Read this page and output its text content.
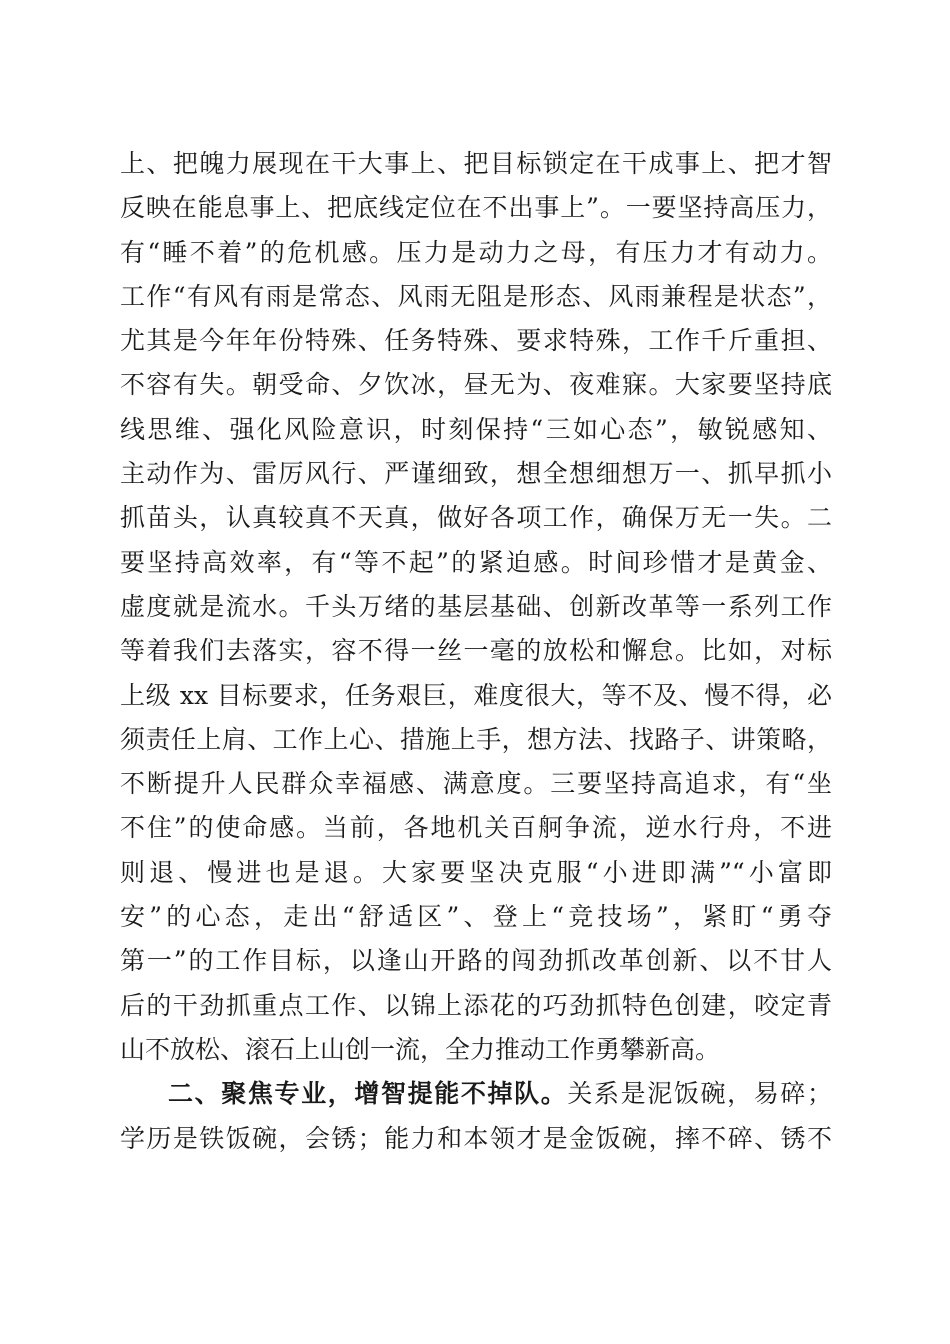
上、把魄力展现在干大事上、把目标锁定在干成事上、把才智
反映在能息事上、把底线定位在不出事上”。一要坚持高压力，
有“睡不着”的危机感。压力是动力之母，有压力才有动力。
工作“有风有雨是常态、风雨无阻是形态、风雨兼程是状态”，
尤其是今年年份特殊、任务特殊、要求特殊，工作千斤重担、
不容有失。朝受命、夕饮冰，昼无为、夜难寐。大家要坚持底
线思维、强化风险意识，时刻保持“三如心态”，敏锐感知、
主动作为、雷厉风行、严谨细致，想全想细想万一、抓早抓小
抓苗头，认真较真不天真，做好各项工作，确保万无一失。二
要坚持高效率，有“等不起”的紧迫感。时间珍惜才是黄金、
虚度就是流水。千头万绪的基层基础、创新改革等一系列工作
等着我们去落实，容不得一丝一毫的放松和懈怠。比如，对标
上级 xx 目标要求，任务艰巨，难度很大，等不及、慢不得，必
须责任上肩、工作上心、措施上手，想方法、找路子、讲策略，
不断提升人民群众幸福感、满意度。三要坚持高追求，有“坐
不住”的使命感。当前，各地机关百舸争流，逆水行舟，不进
则退、慢进也是退。大家要坚决克服“小进即满”“小富即
安”的心态，走出“舒适区”、登上“竞技场”，紧盯“勇夺
第一”的工作目标，以逢山开路的闯劲抓改革创新、以不甘人
后的干劲抓重点工作、以锦上添花的巧劲抓特色创建，咬定青
山不放松、滚石上山创一流，全力推动工作勇攀新高。
二、聚焦专业，增智提能不掉队。关系是泥饭碗，易碎；
学历是铁饭碗，会锈；能力和本领才是金饭碗，摔不碎、锈不
